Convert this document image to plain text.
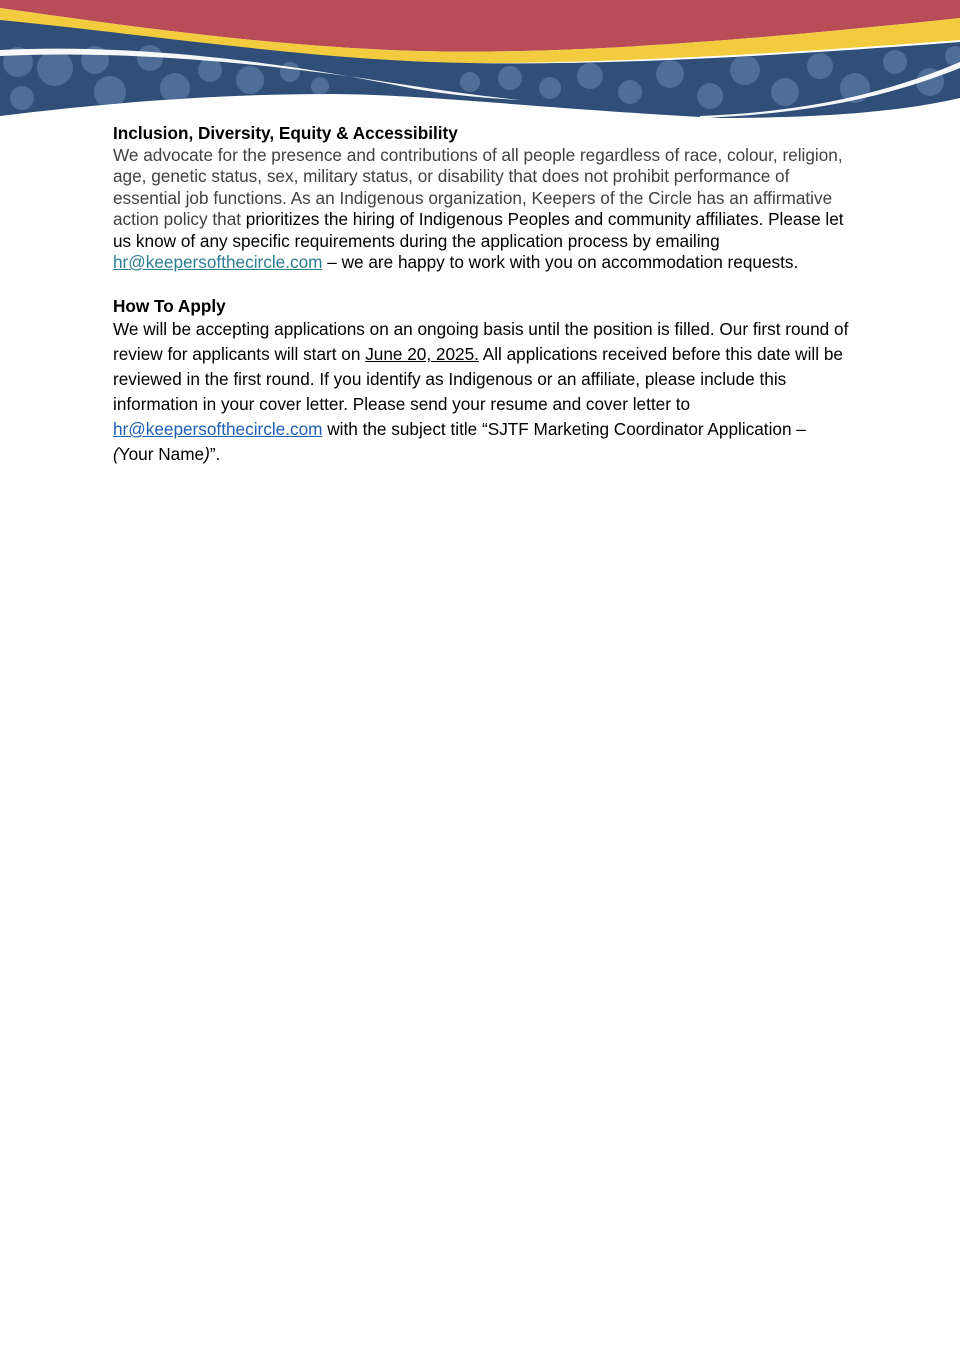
Inclusion, Diversity, Equity & Accessibility

We advocate for the presence and contributions of all people regardless of race, colour, religion, age, genetic status, sex, military status, or disability that does not prohibit performance of essential job functions. As an Indigenous organization, Keepers of the Circle has an affirmative action policy that prioritizes the hiring of Indigenous Peoples and community affiliates. Please let us know of any specific requirements during the application process by emailing hr@keepersofthecircle.com – we are happy to work with you on accommodation requests.

How To Apply

We will be accepting applications on an ongoing basis until the position is filled. Our first round of review for applicants will start on June 20, 2025. All applications received before this date will be reviewed in the first round. If you identify as Indigenous or an affiliate, please include this information in your cover letter. Please send your resume and cover letter to hr@keepersofthecircle.com with the subject title “SJTF Marketing Coordinator Application –
(Your Name)”.
